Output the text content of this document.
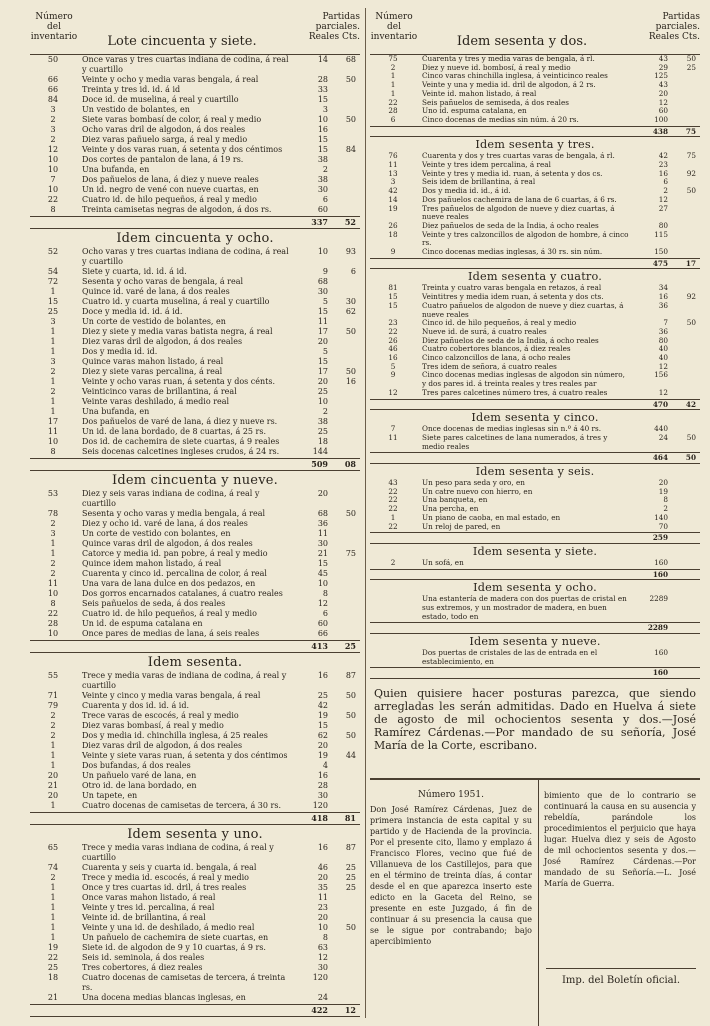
Número del inventario
Partidas parciales.
Reales Cts.
Lote cincuenta y siete.
50	Once varas y tres cuartas indiana de codina, á real y cuartillo
14	68
66	Veinte y ocho y media varas bengala, á real	28	50
66	Treinta y tres id. id. á id	33
84	Doce id. de muselina, á real y cuartillo	15
3	Un vestido de bolantes, en	3
2	Siete varas bombasí de color, á real y medio	10	50
3	Ocho varas dril de algodon, á dos reales	16
2	Diez varas pañuelo sarga, á real y medio	15
12	Veinte y dos varas ruan, á setenta y dos céntimos	15	84
10	Dos cortes de pantalon de lana, á 19 rs.	38
10	Una bufanda, en	2
7	Dos pañuelos de lana, á diez y nueve reales	38
10	Un id. negro de vené con nueve cuartas, en	30
22	Cuatro id. de hilo pequeños, á real y medio	6
8	Treinta camisetas negras de algodon, á dos rs.	60
337	52
Idem cincuenta y ocho.
52	Ocho varas y tres cuartas indiana de codina, á real y cuartillo
10	93
54	Siete y cuarta, id. id. á id.	9	6
72	Sesenta y ocho varas de bengala, á real	68
1	Quince id. varé de lana, á dos reales	30
15	Cuatro id. y cuarta muselina, á real y cuartillo	5	30
25	Doce y media id. id. á id.	15	62
3	Un corte de vestido de bolantes, en	11
1	Diez y siete y media varas batista negra, á real	17	50
1	Diez varas dril de algodon, á dos reales	20
1	Dos y media id. id.	5
3	Quince varas mahon listado, á real	15
2	Diez y siete varas percalina, á real	17	50
1	Veinte y ocho varas ruan, á setenta y dos cénts.	20	16
2	Veinticinco varas de brillantina, á real	25
1	Veinte varas deshilado, á medio real	10
1	Una bufanda, en	2
17	Dos pañuelos de varé de lana, á diez y nueve rs.	38
11	Un id. de lana bordado, de 8 cuartas, á 25 rs.	25
10	Dos id. de cachemira de siete cuartas, á 9 reales	18
8	Seis docenas calcetines ingleses crudos, á 24 rs.	144
509	08
Idem cincuenta y nueve.
53	Diez y seis varas indiana de codina, á real y cuartillo
20
78	Sesenta y ocho varas y media bengala, á real	68	50
2	Diez y ocho id. varé de lana, á dos reales	36
3	Un corte de vestido con bolantes, en	11
1	Quince varas dril de algodon, á dos reales	30
1	Catorce y media id. pan pobre, á real y medio	21	75
2	Quince idem mahon listado, á real	15
2	Cuarenta y cinco id. percalina de color, á real	45
11	Una vara de lana dulce en dos pedazos, en	10
10	Dos gorros encarnados catalanes, á cuatro reales	8
8	Seis pañuelos de seda, á dos reales	12
22	Cuatro id. de hilo pequeños, á real y medio	6
28	Un id. de espuma catalana en	60
10	Once pares de medias de lana, á seis reales	66
413	25
Idem sesenta.
55	Trece y media varas de indiana de codina, á real y cuartillo
16	87
71	Veinte y cinco y media varas bengala, á real	25	50
79	Cuarenta y dos id. id. á id.	42
2	Trece varas de escocés, á real y medio	19	50
2	Diez varas bombasí, á real y medio	15
2	Dos y media id. chinchilla inglesa, á 25 reales	62	50
1	Diez varas dril de algodon, á dos reales	20
1	Veinte y siete varas ruan, á setenta y dos céntimos	19	44
1	Dos bufandas, á dos reales	4
20	Un pañuelo varé de lana, en	16
21	Otro id. de lana bordado, en	28
20	Un tapete, en	30
1	Cuatro docenas de camisetas de tercera, á 30 rs.	120
418	81
Idem sesenta y uno.
65	Trece y media varas indiana de codina, á real y cuartillo
16	87
74	Cuarenta y seis y cuarta id. bengala, á real	46	25
2	Trece y media id. escocés, á real y medio	20	25
1	Once y tres cuartas id. dril, á tres reales	35	25
1	Once varas mahon listado, á real	11
1	Veinte y tres id. percalina, á real	23
1	Veinte id. de brillantina, á real	20
1	Veinte y una id. de deshilado, á medio real	10	50
1	Un pañuelo de cachemira de siete cuartas, en	8
19	Siete id. de algodon de 9 y 10 cuartas, á 9 rs.	63
22	Seis id. seminola, á dos reales	12
25	Tres cobertores, á diez reales	30
18	Cuatro docenas de camisetas de tercera, á treinta rs.
120
21	Una docena medias blancas inglesas, en	24
422	12
Número del inventario
Partidas parciales.
Reales Cts.
Idem sesenta y dos.
75	Cuarenta y tres y media varas de bengala, á rl.	43	50
2	Diez y nueve id. bombosí, á real y medio	29	25
1	Cinco varas chinchilla inglesa, á veinticinco reales	125
1	Veinte y una y media id. dril de algodon, á 2 rs.	43
1	Veinte id. mahon listado, á real	20
22	Seis pañuelos de semiseda, á dos reales	12
28	Uno id. espuma catalana, en	60
6	Cinco docenas de medias sin núm. á 20 rs.	100
438	75
Idem sesenta y tres.
76	Cuarenta y dos y tres cuartas varas de bengala, á rl.	42	75
11	Veinte y tres idem percalina, á real	23
13	Veinte y tres y media id. ruan, á setenta y dos cs.	16	92
3	Seis idem de brillantina, á real	6
42	Dos y media id. id., á id.	2	50
14	Dos pañuelos cachemira de lana de 6 cuartas, á 6 rs.	12
19	Tres pañuelos de algodon de nueve y diez cuartas, á nueve reales
27
26	Diez pañuelos de seda de la India, á ocho reales	80
18	Veinte y tres calzoncillos de algodon de hombre, á cinco rs.
115
9	Cinco docenas medias inglesas, á 30 rs. sin núm.	150
475	17
Idem sesenta y cuatro.
81	Treinta y cuatro varas bengala en retazos, á real	34
15	Veintitres y media idem ruan, á setenta y dos cts.	16	92
15	Cuatro pañuelos de algodon de nueve y diez cuartas, á nueve reales
36
23	Cinco id. de hilo pequeños, á real y medio	7	50
22	Nueve id. de surá, á cuatro reales	36
26	Diez pañuelos de seda de la India, á ocho reales	80
46	Cuatro cobertores blancos, á diez reales	40
16	Cinco calzoncillos de lana, á ocho reales	40
5	Tres idem de señora, á cuatro reales	12
9	Cinco docenas medias inglesas de algodon sin número, y dos pares id. á treinta reales y tres reales par
156
12	Tres pares calcetines número tres, á cuatro reales	12
470	42
Idem sesenta y cinco.
7	Once docenas de medias inglesas sin n.º á 40 rs.	440
11	Siete pares calcetines de lana numerados, á tres y medio reales
24	50
464	50
Idem sesenta y seis.
43	Un peso para seda y oro, en	20
22	Un catre nuevo con hierro, en	19
22	Una banqueta, en	8
22	Una percha, en	2
1	Un piano de caoba, en mal estado, en	140
22	Un reloj de pared, en	70
259
Idem sesenta y siete.
2	Un sofá, en	160
160
Idem sesenta y ocho.
Una estantería de madera con dos puertas de cristal en sus extremos, y un mostrador de madera, en buen estado, todo en
2289
2289
Idem sesenta y nueve.
Dos puertas de cristales de las de entrada en el establecimiento, en
160
160
Quien quisiere hacer posturas parezca, que siendo arregladas les serán admitidas. Dado en Huelva á siete de agosto de mil ochocientos sesenta y dos.—José Ramírez Cárdenas.—Por mandado de su señoría, José María de la Corte, escribano.
Número 1951.
Don José Ramírez Cárdenas, Juez de primera instancia de esta capital y su partido y de Hacienda de la provincia. Por el presente cito, llamo y emplazo á Francisco Flores, vecino que fué de Villanueva de los Castillejos, para que en el término de treinta días, á contar desde el en que aparezca inserto este edicto en la Gaceta del Reino, se presente en este Juzgado, á fin de continuar á su presencia la causa que se le sigue por contrabando; bajo apercibimiento
bimiento que de lo contrario se continuará la causa en su ausencia y rebeldía, parándole los procedimientos el perjuicio que haya lugar. Huelva diez y seis de Agosto de mil ochocientos sesenta y dos.—José Ramírez Cárdenas.—Por mandado de su Señoría.—L. José María de Guerra.
Imp. del Boletín oficial.
